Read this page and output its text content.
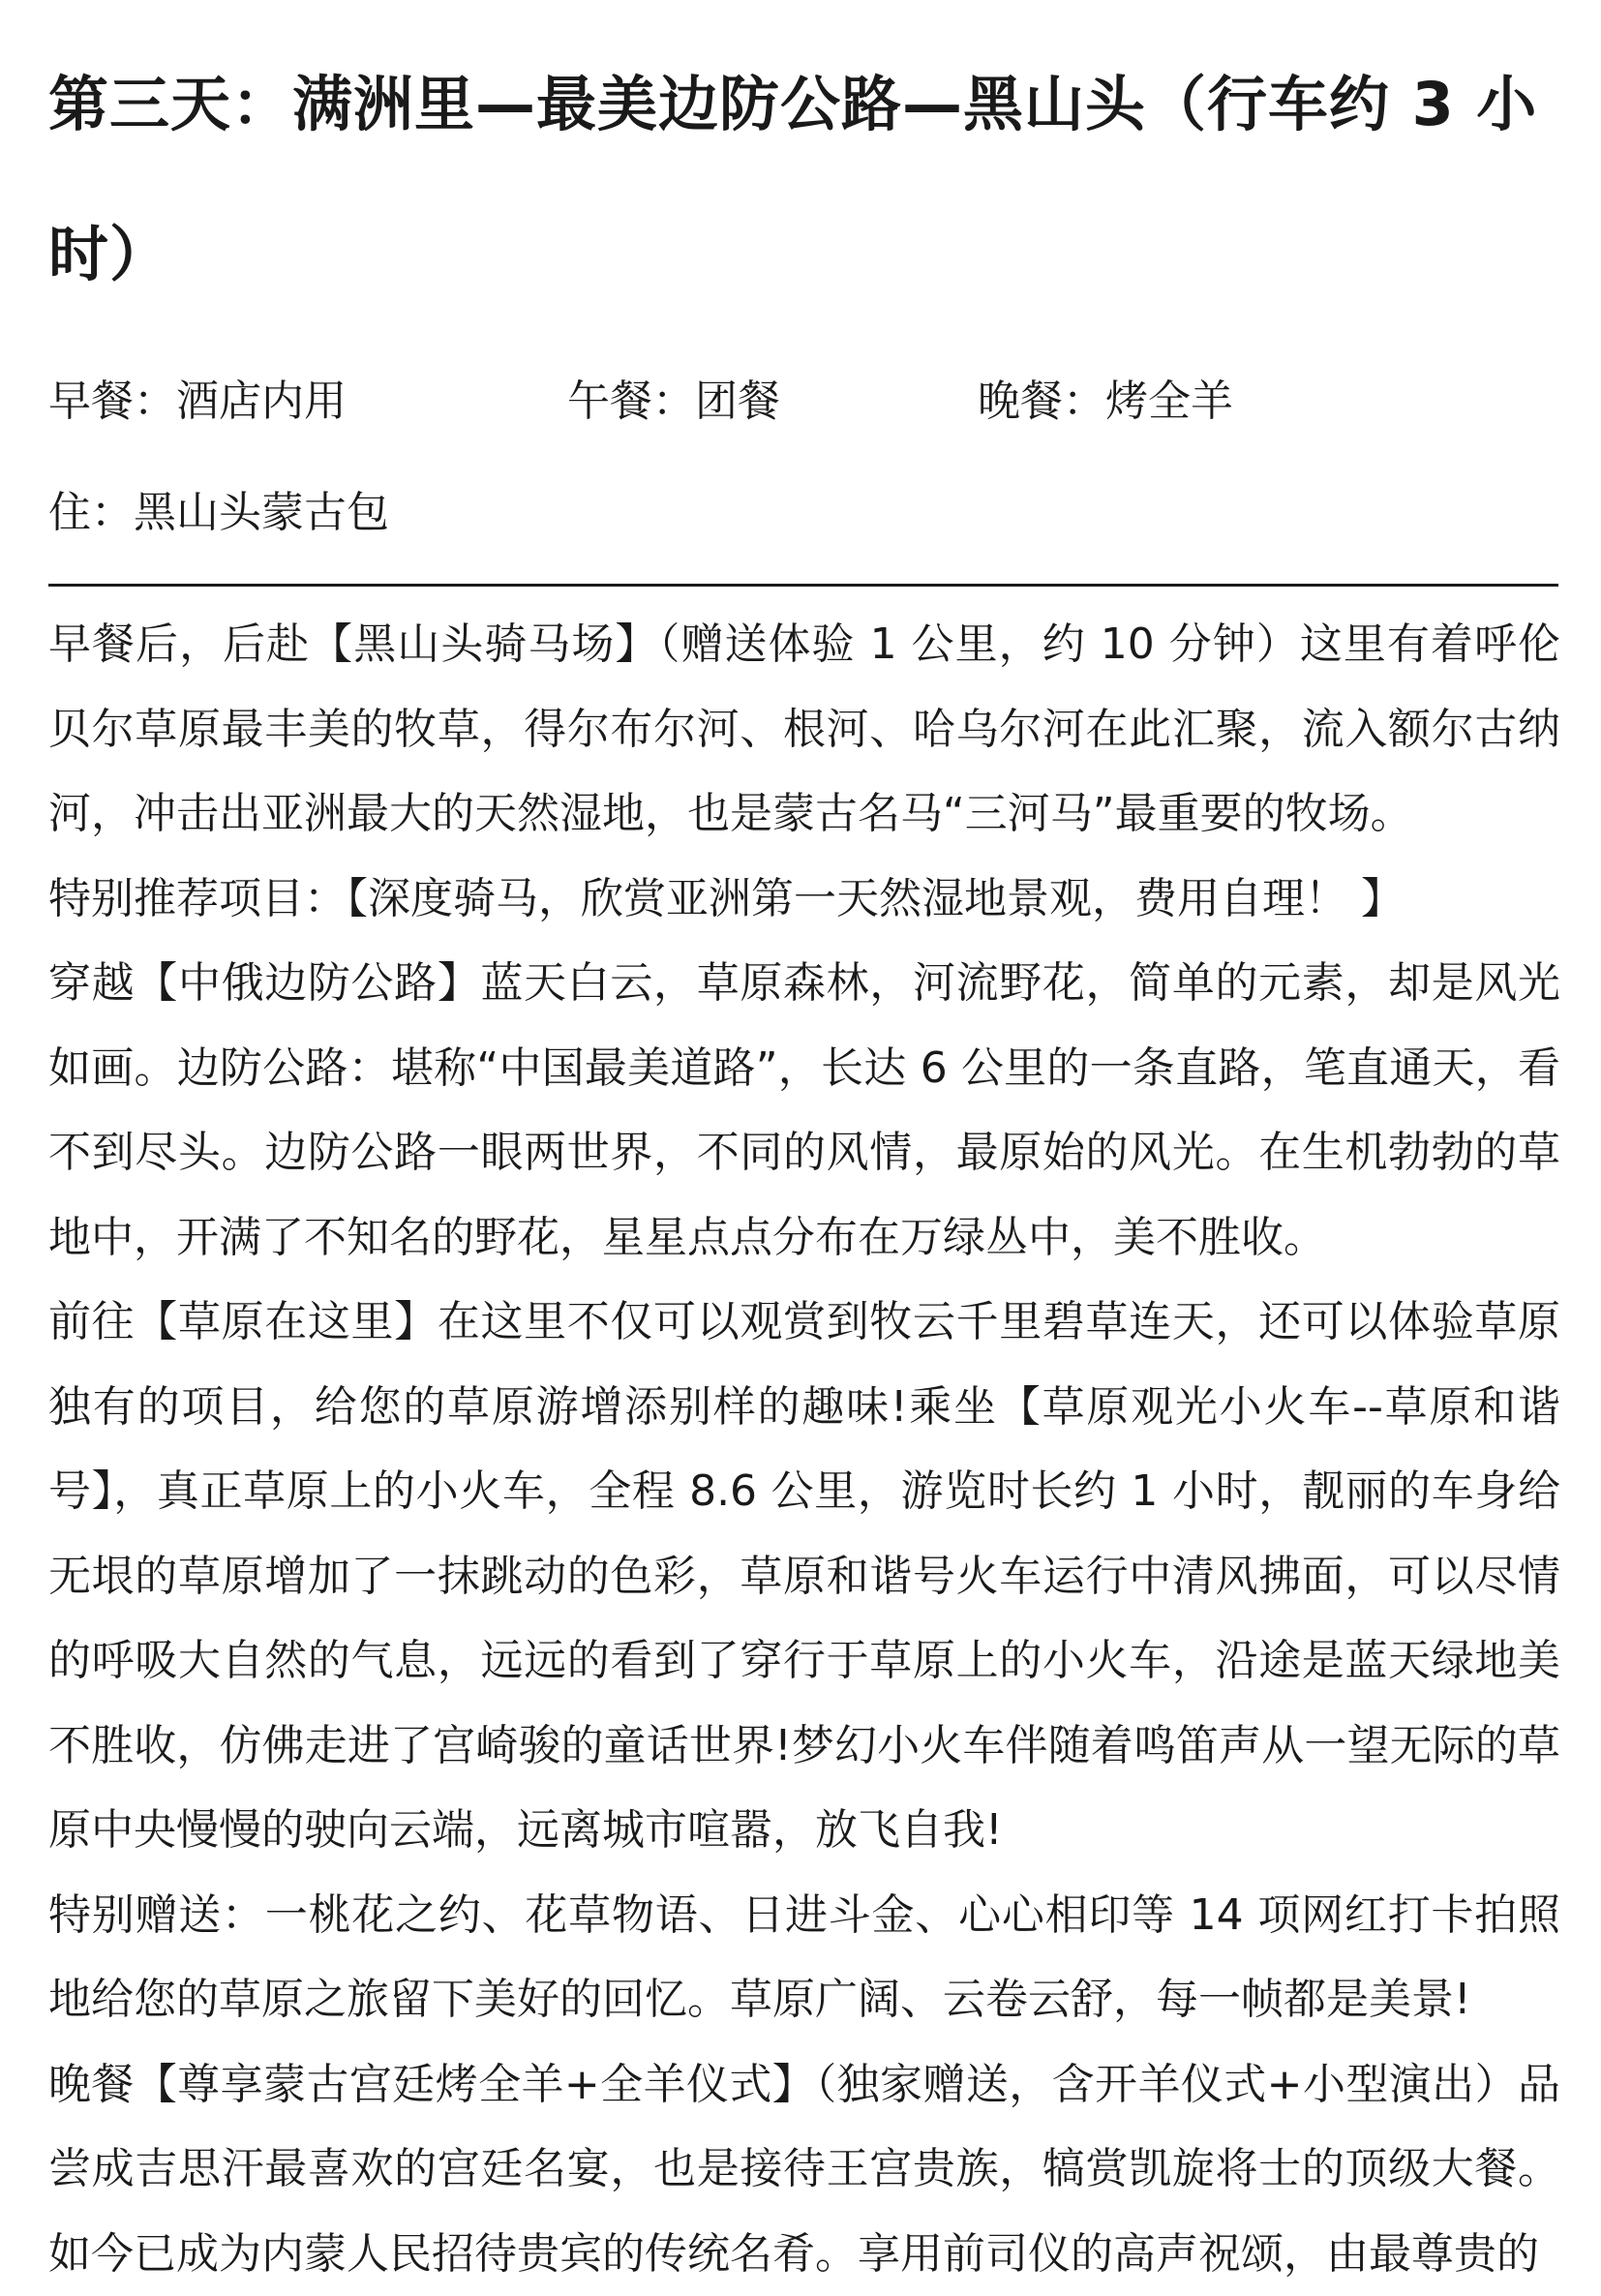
第三天：满洲里—最美边防公路—黑山头（行车约 3 小时）
早餐：酒店内用	午餐：团餐	晚餐：烤全羊
住：黑山头蒙古包

早餐后，后赴【黑山头骑马场】（赠送体验 1 公里，约 10 分钟）这里有着呼伦贝尔草原最丰美的牧草，得尔布尔河、根河、哈乌尔河在此汇聚，流入额尔古纳河，冲击出亚洲最大的天然湿地，也是蒙古名马“三河马”最重要的牧场。

特别推荐项目：【深度骑马，欣赏亚洲第一天然湿地景观，费用自理！ 】

穿越【中俄边防公路】蓝天白云，草原森林，河流野花，简单的元素，却是风光如画。边防公路：堪称“中国最美道路”，长达 6 公里的一条直路，笔直通天，看不到尽头。边防公路一眼两世界，不同的风情，最原始的风光。在生机勃勃的草地中，开满了不知名的野花，星星点点分布在万绿丛中，美不胜收。

前往【草原在这里】在这里不仅可以观赏到牧云千里碧草连天，还可以体验草原独有的项目，给您的草原游增添别样的趣味!乘坐【草原观光小火车--草原和谐号】，真正草原上的小火车，全程 8.6 公里，游览时长约 1 小时，靓丽的车身给无垠的草原增加了一抹跳动的色彩，草原和谐号火车运行中清风拂面，可以尽情的呼吸大自然的气息，远远的看到了穿行于草原上的小火车，沿途是蓝天绿地美不胜收，仿佛走进了宫崎骏的童话世界!梦幻小火车伴随着鸣笛声从一望无际的草原中央慢慢的驶向云端，远离城市喧嚣，放飞自我!

特别赠送：一桃花之约、花草物语、日进斗金、心心相印等 14 项网红打卡拍照地给您的草原之旅留下美好的回忆。草原广阔、云卷云舒，每一帧都是美景!

晚餐【尊享蒙古宫廷烤全羊+全羊仪式】（独家赠送，含开羊仪式+小型演出）品尝成吉思汗最喜欢的宫廷名宴，也是接待王宫贵族，犒赏凯旋将士的顶级大餐。如今已成为内蒙人民招待贵宾的传统名肴。享用前司仪的高声祝颂，由最尊贵的
